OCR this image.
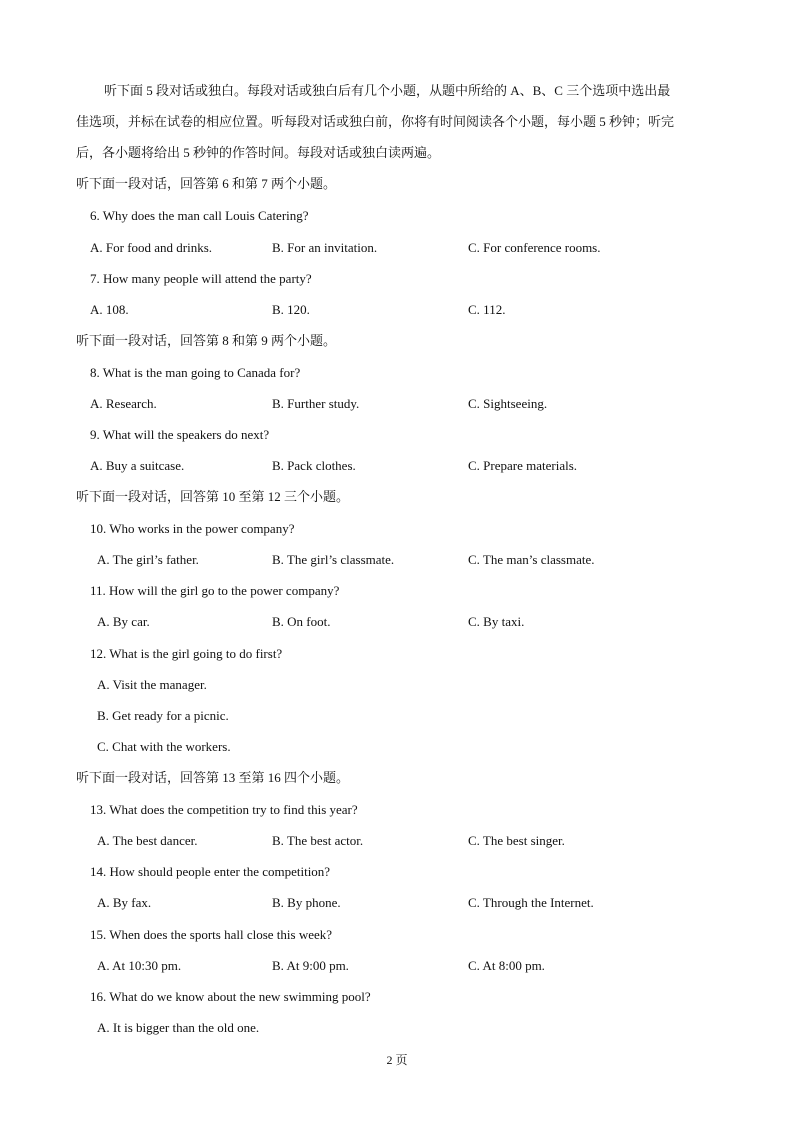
听下面 5 段对话或独白。每段对话或独白后有几个小题，从题中所给的 A、B、C 三个选项中选出最
佳选项，并标在试卷的相应位置。听每段对话或独白前，你将有时间阅读各个小题，每小题 5 秒钟；听完
后，各小题将给出 5 秒钟的作答时间。每段对话或独白读两遍。
听下面一段对话，回答第 6 和第 7 两个小题。
6. Why does the man call Louis Catering?
A. For food and drinks.	B. For an invitation.	C. For conference rooms.
7. How many people will attend the party?
A. 108.	B. 120.	C. 112.
听下面一段对话，回答第 8 和第 9 两个小题。
8. What is the man going to Canada for?
A. Research.	B. Further study.	C. Sightseeing.
9. What will the speakers do next?
A. Buy a suitcase.	B. Pack clothes.	C. Prepare materials.
听下面一段对话，回答第 10 至第 12 三个小题。
10. Who works in the power company?
A. The girl’s father.	B. The girl’s classmate.	C. The man’s classmate.
11. How will the girl go to the power company?
A. By car.	B. On foot.	C. By taxi.
12. What is the girl going to do first?
A. Visit the manager.
B. Get ready for a picnic.
C. Chat with the workers.
听下面一段对话，回答第 13 至第 16 四个小题。
13. What does the competition try to find this year?
A. The best dancer.	B. The best actor.	C. The best singer.
14. How should people enter the competition?
A. By fax.	B. By phone.	C. Through the Internet.
15. When does the sports hall close this week?
A. At 10:30 pm.	B. At 9:00 pm.	C. At 8:00 pm.
16. What do we know about the new swimming pool?
A. It is bigger than the old one.
2 页
